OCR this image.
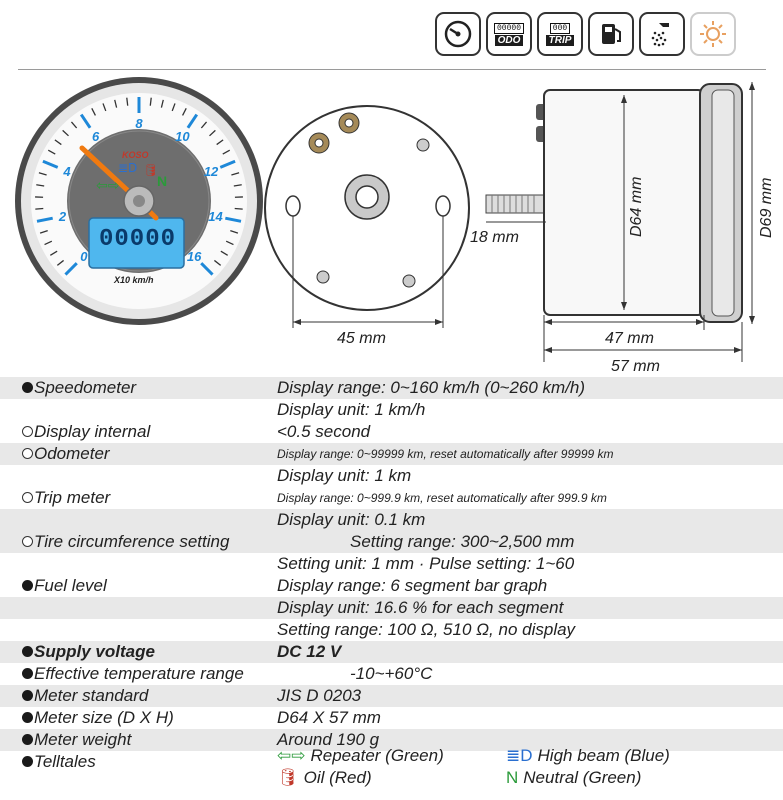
00000
ODO
000
TRIP
0
2
4
6
8
10
12
14
16
⇦⇨
≣D 🛢
KOSO
N
00000
X10 km/h
45 mm
18 mm
47 mm
57 mm
D64 mm	D69 mm
Speedometer	Display range: 0~160 km/h (0~260 km/h)
Display unit: 1 km/h
Display internal	<0.5 second
Odometer	Display range: 0~99999 km, reset automatically after 99999 km
Display unit: 1 km
Trip meter	Display range: 0~999.9 km, reset automatically after 999.9 km
Display unit: 0.1 km
Tire circumference setting	Setting range: 300~2,500 mm
Setting unit: 1 mm · Pulse setting: 1~60
Fuel level	Display range: 6 segment bar graph
Display unit: 16.6 % for each segment
Setting range: 100 Ω, 510 Ω, no display
Supply voltage	DC 12 V
Effective temperature range	-10~+60°C
Meter standard	JIS D 0203
Meter size (D X H)	D64 X 57 mm
Meter weight	Around 190 g
Telltales	⇦⇨ Repeater (Green)	≣D High beam (Blue)
🛢 Oil (Red)	N Neutral (Green)
